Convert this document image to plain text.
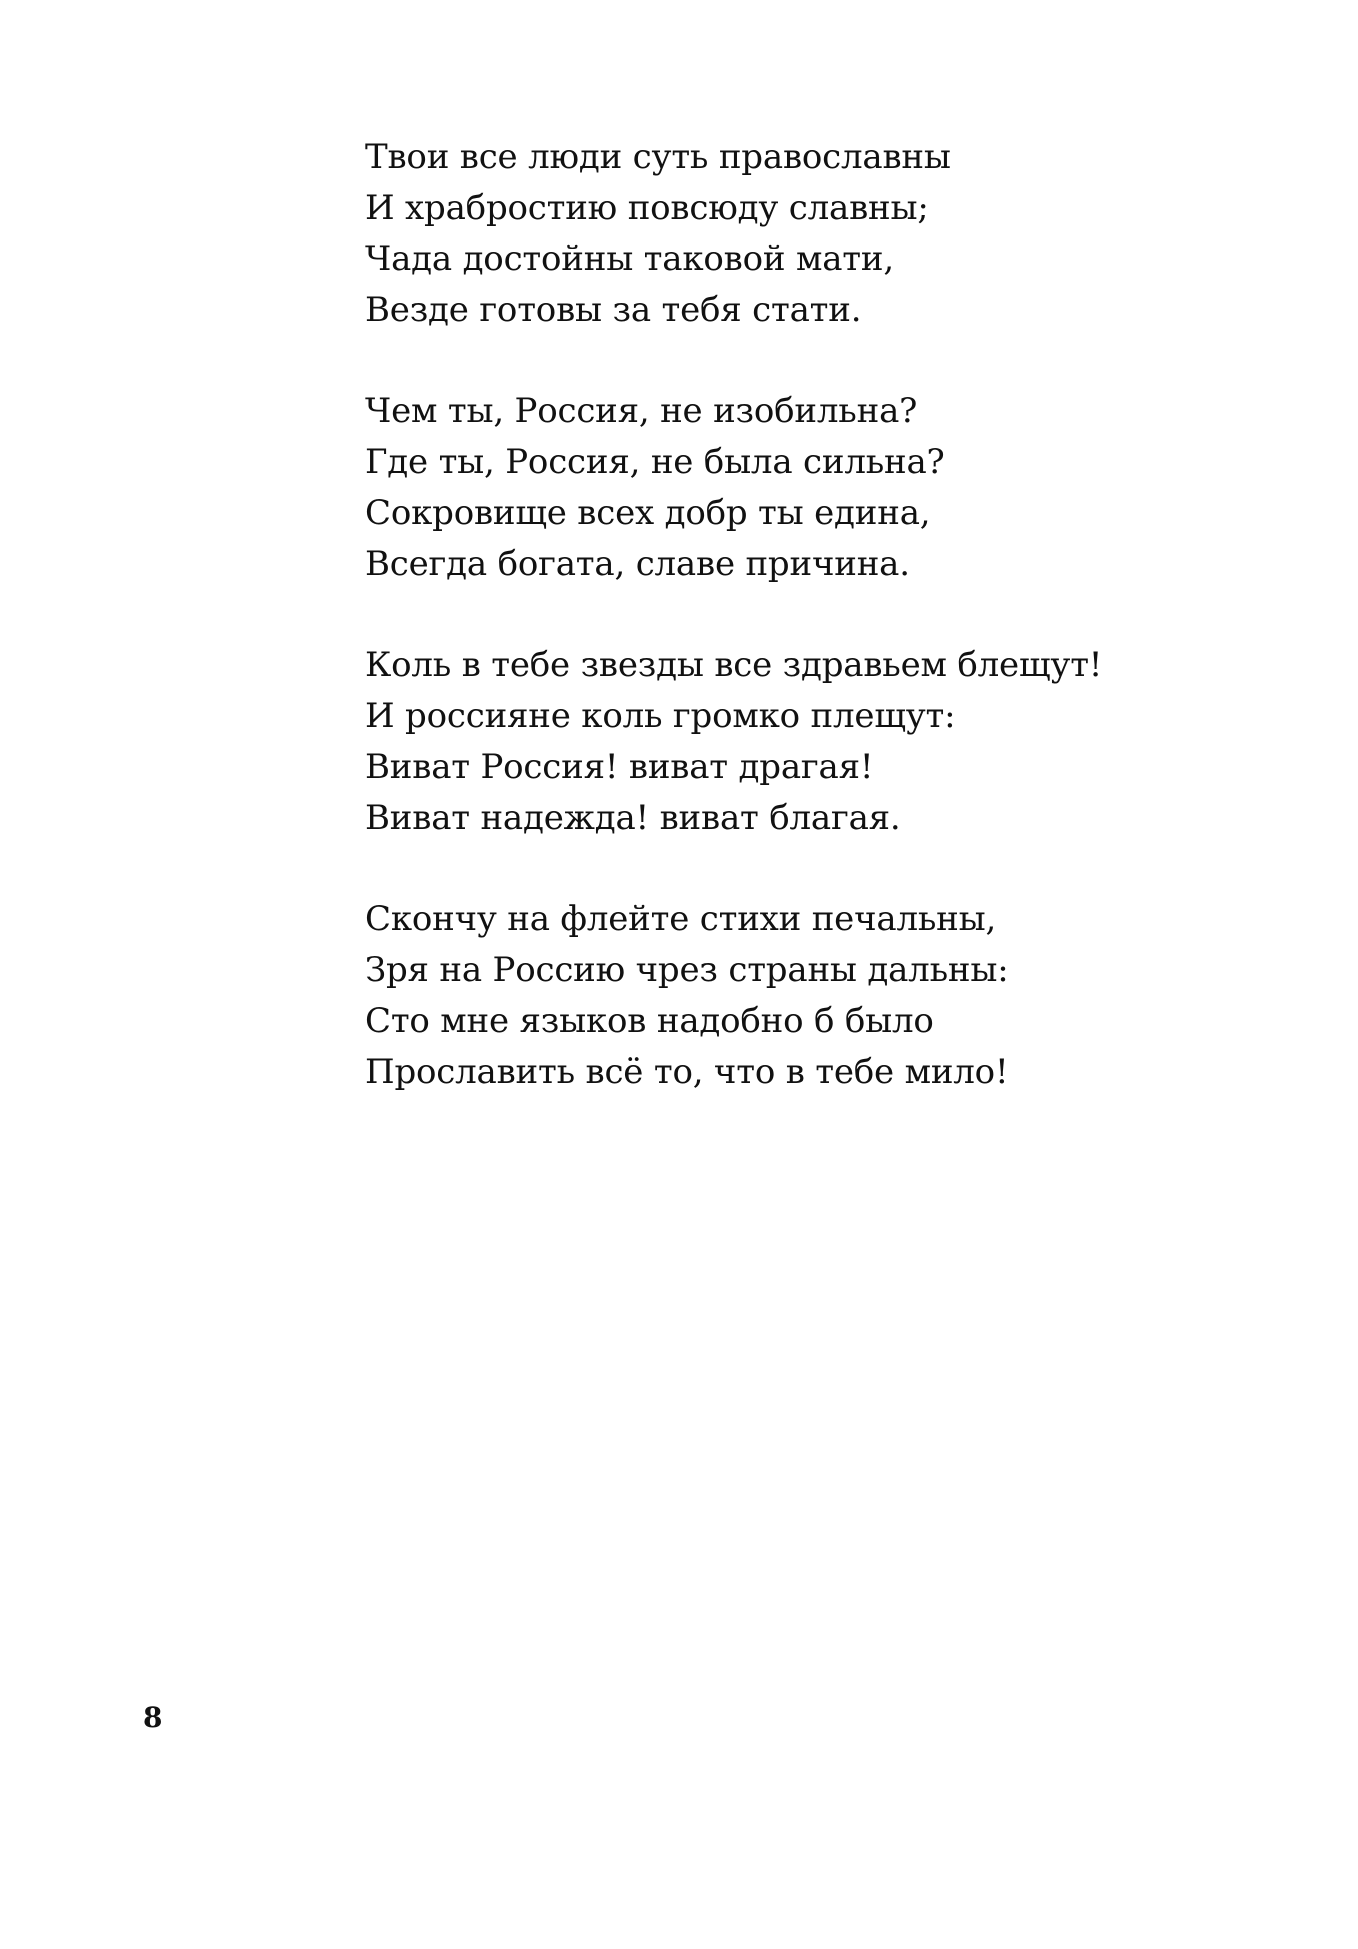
Твои все люди суть православны
И храбростию повсюду славны;
Чада достойны таковой мати,
Везде готовы за тебя стати.
Чем ты, Россия, не изобильна?
Где ты, Россия, не была сильна?
Сокровище всех добр ты едина,
Всегда богата, славе причина.
Коль в тебе звезды все здравьем блещут!
И россияне коль громко плещут:
Виват Россия! виват драгая!
Виват надежда! виват благая.
Скончу на флейте стихи печальны,
Зря на Россию чрез страны дальны:
Сто мне языков надобно б было
Прославить всё то, что в тебе мило!
8
